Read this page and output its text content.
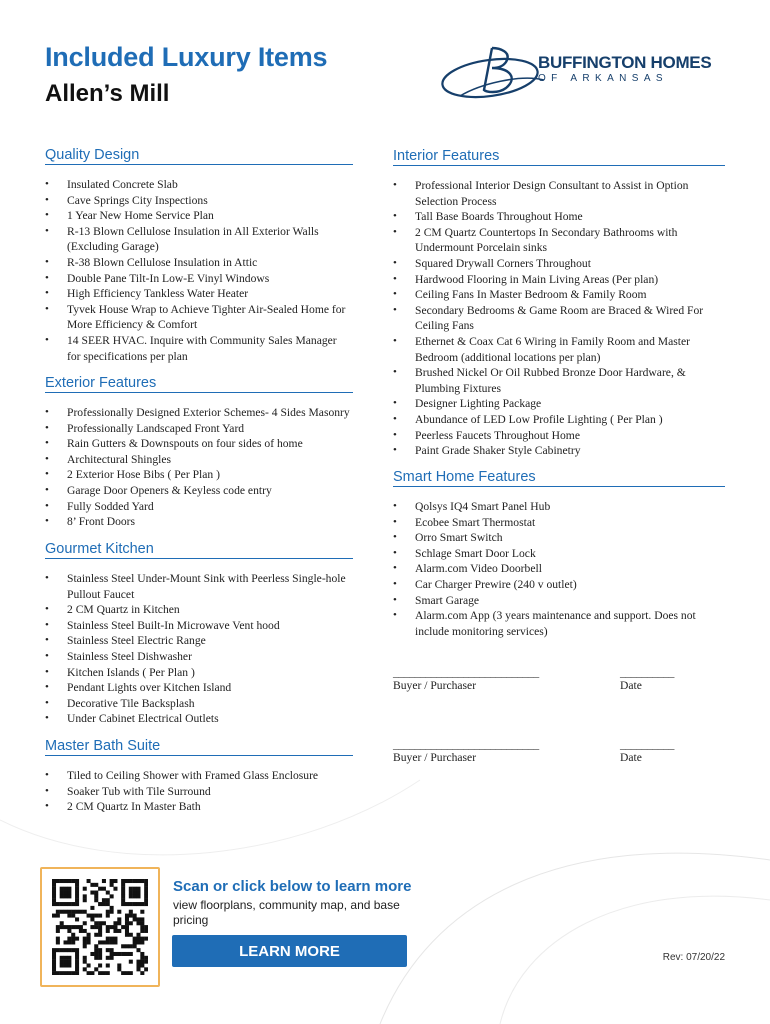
Included Luxury Items
Allen’s Mill
BUFFINGTON HOMES
OF ARKANSAS
Quality Design
• Insulated Concrete Slab
• Cave Springs City Inspections
• 1 Year New Home Service Plan
• R-13 Blown Cellulose Insulation in All Exterior Walls (Excluding Garage)
• R-38 Blown Cellulose Insulation in Attic
• Double Pane Tilt-In Low-E Vinyl Windows
• High Efficiency Tankless Water Heater
• Tyvek House Wrap to Achieve Tighter Air-Sealed Home for More Efficiency & Comfort
• 14 SEER HVAC. Inquire with Community Sales Manager for specifications per plan
Exterior Features
• Professionally Designed Exterior Schemes- 4 Sides Masonry
• Professionally Landscaped Front Yard
• Rain Gutters & Downspouts on four sides of home
• Architectural Shingles
• 2 Exterior Hose Bibs ( Per Plan )
• Garage Door Openers & Keyless code entry
• Fully Sodded Yard
• 8’ Front Doors
Gourmet Kitchen
• Stainless Steel Under-Mount Sink with Peerless Single-hole Pullout Faucet
• 2 CM Quartz in Kitchen
• Stainless Steel Built-In Microwave Vent hood
• Stainless Steel Electric Range
• Stainless Steel Dishwasher
• Kitchen Islands ( Per Plan )
• Pendant Lights over Kitchen Island
• Decorative Tile Backsplash
• Under Cabinet Electrical Outlets
Master Bath Suite
• Tiled to Ceiling Shower with Framed Glass Enclosure
• Soaker Tub with Tile Surround
• 2 CM Quartz In Master Bath
Interior Features
• Professional Interior Design Consultant to Assist in Option Selection Process
• Tall Base Boards Throughout Home
• 2 CM Quartz Countertops In Secondary Bathrooms with Undermount Porcelain sinks
• Squared Drywall Corners Throughout
• Hardwood Flooring in Main Living Areas (Per plan)
• Ceiling Fans In Master Bedroom & Family Room
• Secondary Bedrooms & Game Room are Braced & Wired For Ceiling Fans
• Ethernet & Coax Cat 6 Wiring in Family Room and Master Bedroom (additional locations per plan)
• Brushed Nickel Or Oil Rubbed Bronze Door Hardware, & Plumbing Fixtures
• Designer Lighting Package
• Abundance of LED Low Profile Lighting ( Per Plan )
• Peerless Faucets Throughout Home
• Paint Grade Shaker Style Cabinetry
Smart Home Features
• Qolsys IQ4 Smart Panel Hub
• Ecobee Smart Thermostat
• Orro Smart Switch
• Schlage Smart Door Lock
• Alarm.com Video Doorbell
• Car Charger Prewire (240 v outlet)
• Smart Garage
• Alarm.com App (3 years maintenance and support. Does not include monitoring services)
___________________________
Buyer / Purchaser
__________
Date
___________________________
Buyer / Purchaser
__________
Date
Scan or click below to learn more
view floorplans, community map, and base pricing
LEARN MORE	Rev: 07/20/22
